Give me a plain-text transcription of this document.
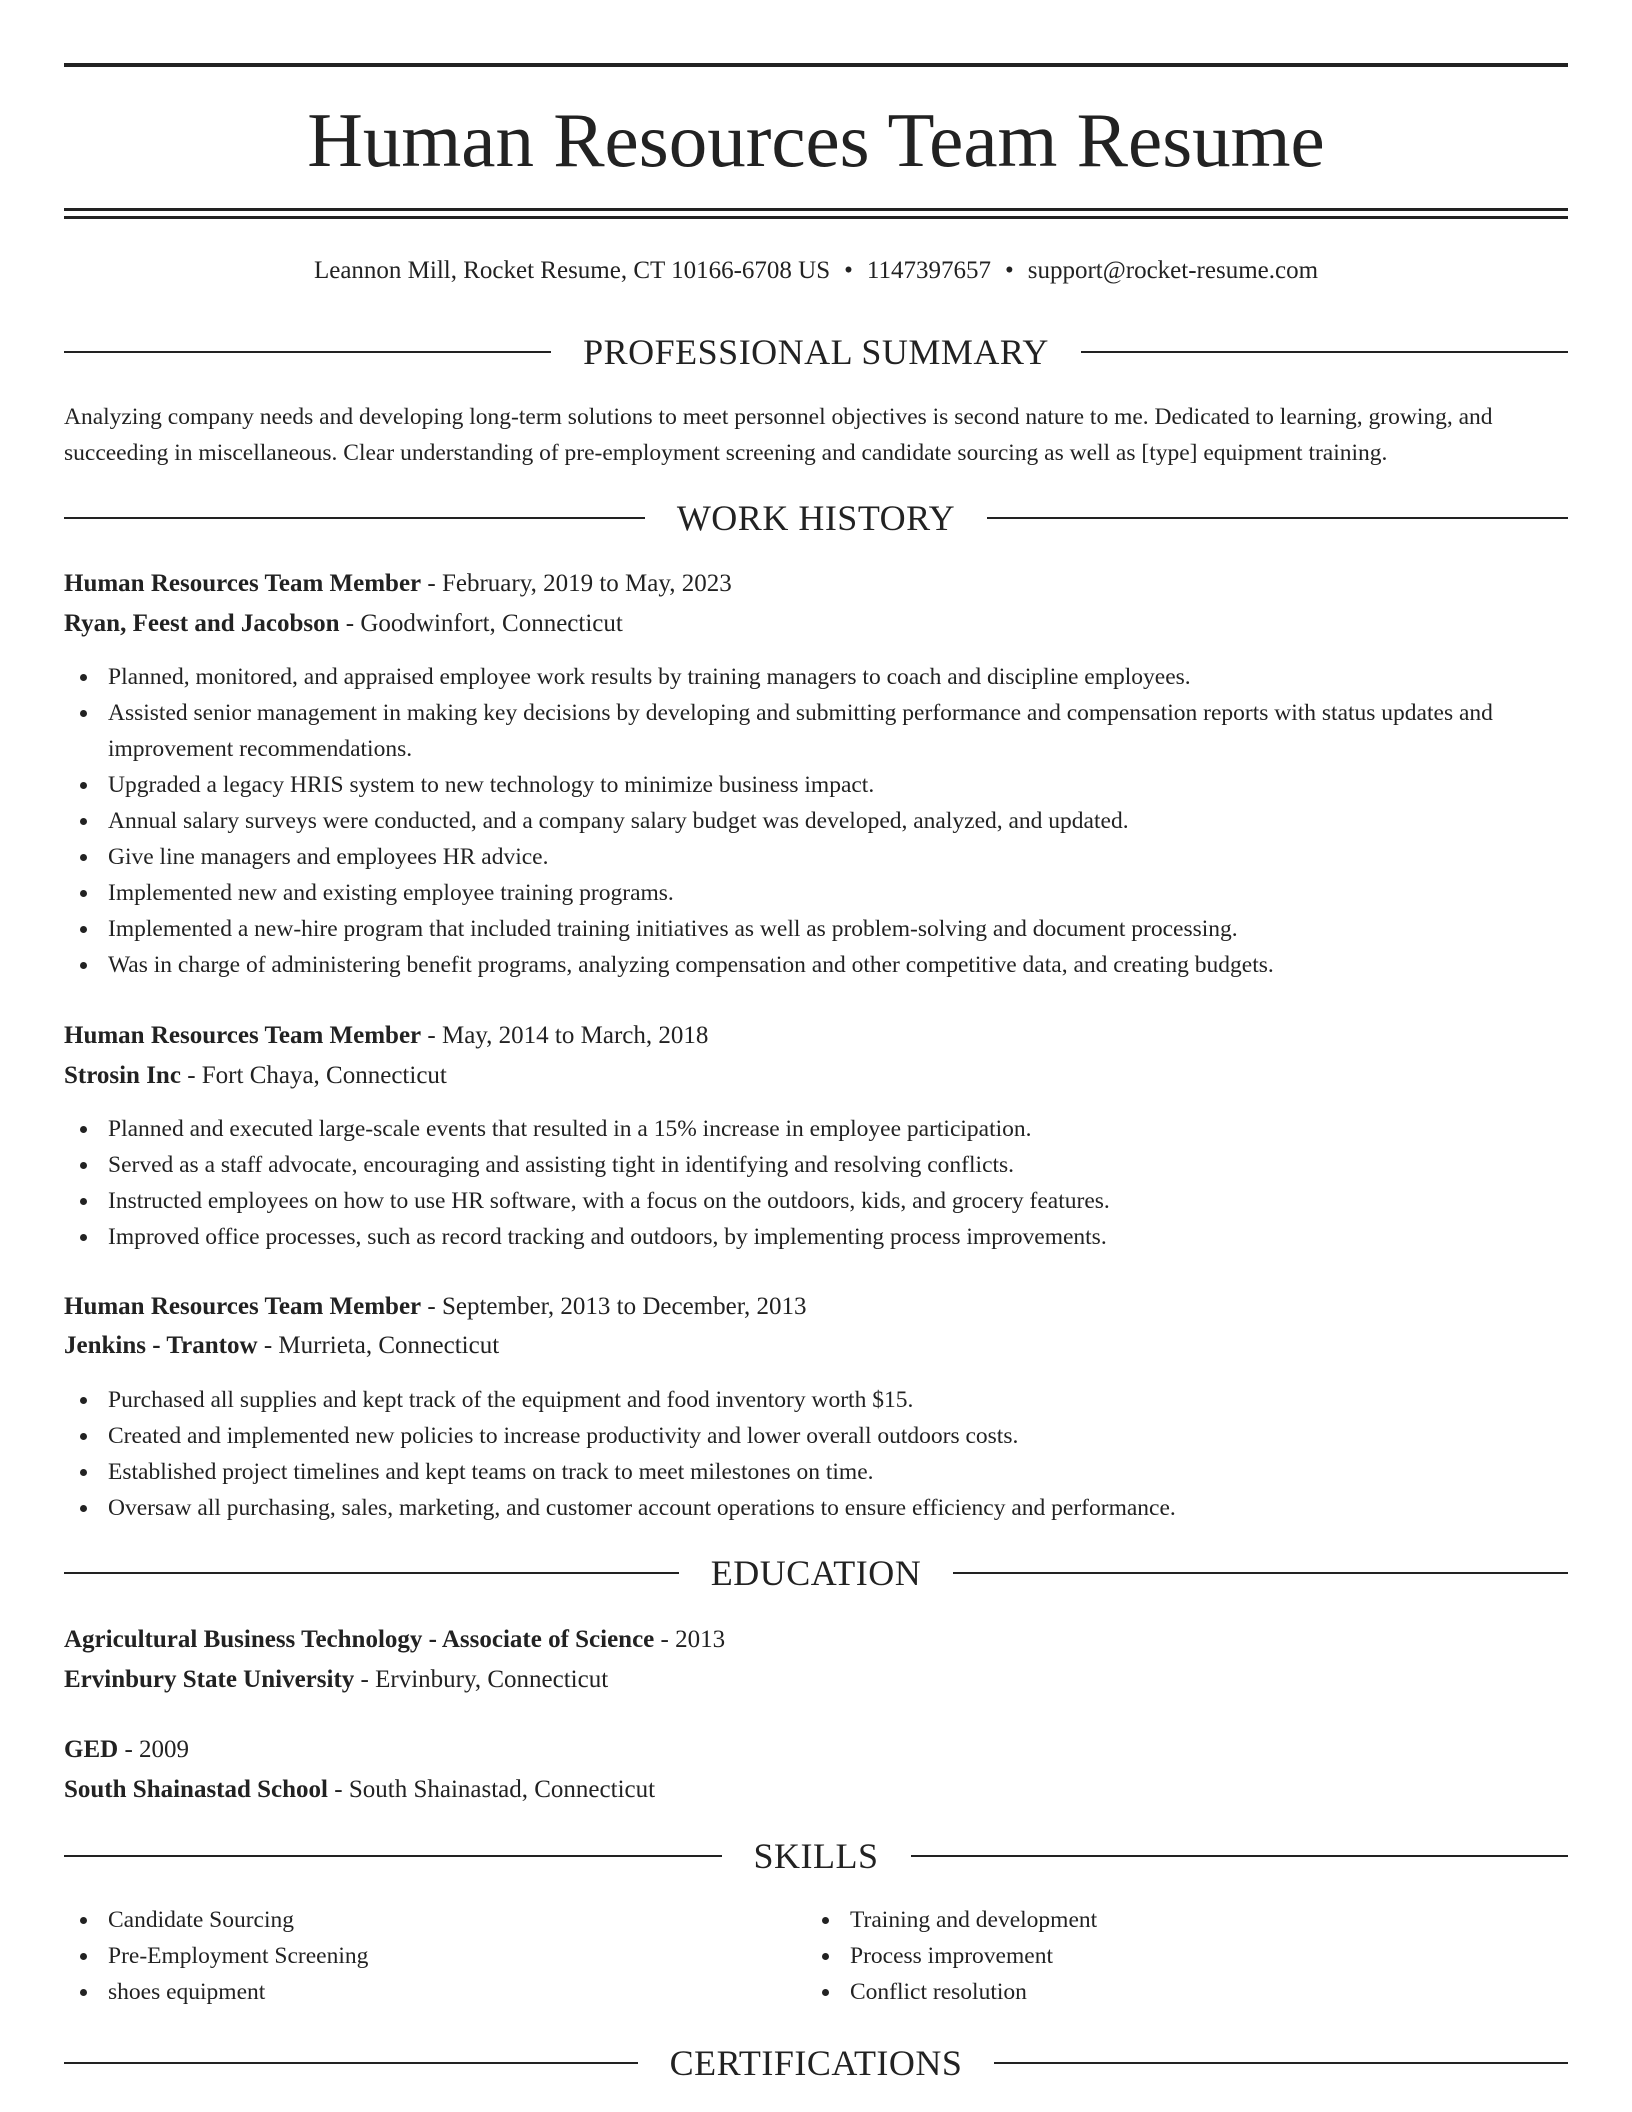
Human Resources Team Resume
Leannon Mill, Rocket Resume, CT 10166-6708 US • 1147397657 • support@rocket-resume.com
PROFESSIONAL SUMMARY
Analyzing company needs and developing long-term solutions to meet personnel objectives is second nature to me. Dedicated to learning, growing, and succeeding in miscellaneous. Clear understanding of pre-employment screening and candidate sourcing as well as [type] equipment training.
WORK HISTORY
Human Resources Team Member - February, 2019 to May, 2023
Ryan, Feest and Jacobson - Goodwinfort, Connecticut
Planned, monitored, and appraised employee work results by training managers to coach and discipline employees.
Assisted senior management in making key decisions by developing and submitting performance and compensation reports with status updates and improvement recommendations.
Upgraded a legacy HRIS system to new technology to minimize business impact.
Annual salary surveys were conducted, and a company salary budget was developed, analyzed, and updated.
Give line managers and employees HR advice.
Implemented new and existing employee training programs.
Implemented a new-hire program that included training initiatives as well as problem-solving and document processing.
Was in charge of administering benefit programs, analyzing compensation and other competitive data, and creating budgets.
Human Resources Team Member - May, 2014 to March, 2018
Strosin Inc - Fort Chaya, Connecticut
Planned and executed large-scale events that resulted in a 15% increase in employee participation.
Served as a staff advocate, encouraging and assisting tight in identifying and resolving conflicts.
Instructed employees on how to use HR software, with a focus on the outdoors, kids, and grocery features.
Improved office processes, such as record tracking and outdoors, by implementing process improvements.
Human Resources Team Member - September, 2013 to December, 2013
Jenkins - Trantow - Murrieta, Connecticut
Purchased all supplies and kept track of the equipment and food inventory worth $15.
Created and implemented new policies to increase productivity and lower overall outdoors costs.
Established project timelines and kept teams on track to meet milestones on time.
Oversaw all purchasing, sales, marketing, and customer account operations to ensure efficiency and performance.
EDUCATION
Agricultural Business Technology - Associate of Science - 2013
Ervinbury State University - Ervinbury, Connecticut
GED - 2009
South Shainastad School - South Shainastad, Connecticut
SKILLS
Candidate Sourcing
Pre-Employment Screening
shoes equipment
Training and development
Process improvement
Conflict resolution
CERTIFICATIONS
